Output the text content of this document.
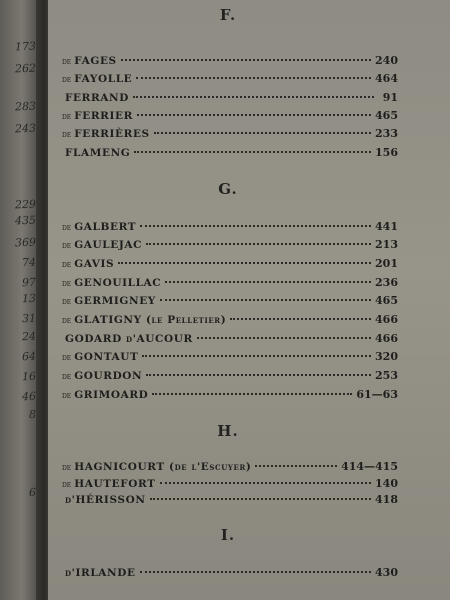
173
262
283
243
229
435
369
74
97
13
31
24
64
16
46
8
6
F.
de FAGES	240
de FAYOLLE	464
FERRAND	91
de FERRIER	465
de FERRIÈRES	233
FLAMENG	156
G.
de GALBERT	441
de GAULEJAC	213
de GAVIS	201
de GENOUILLAC	236
de GERMIGNEY	465
de GLATIGNY (le Pelletier)	466
GODARD d'AUCOUR	466
de GONTAUT	320
de GOURDON	253
de GRIMOARD	61—63
H.
de HAGNICOURT (de l'Escuyer)	414—415
de HAUTEFORT	140
d'HÉRISSON	418
I.
d'IRLANDE	430
